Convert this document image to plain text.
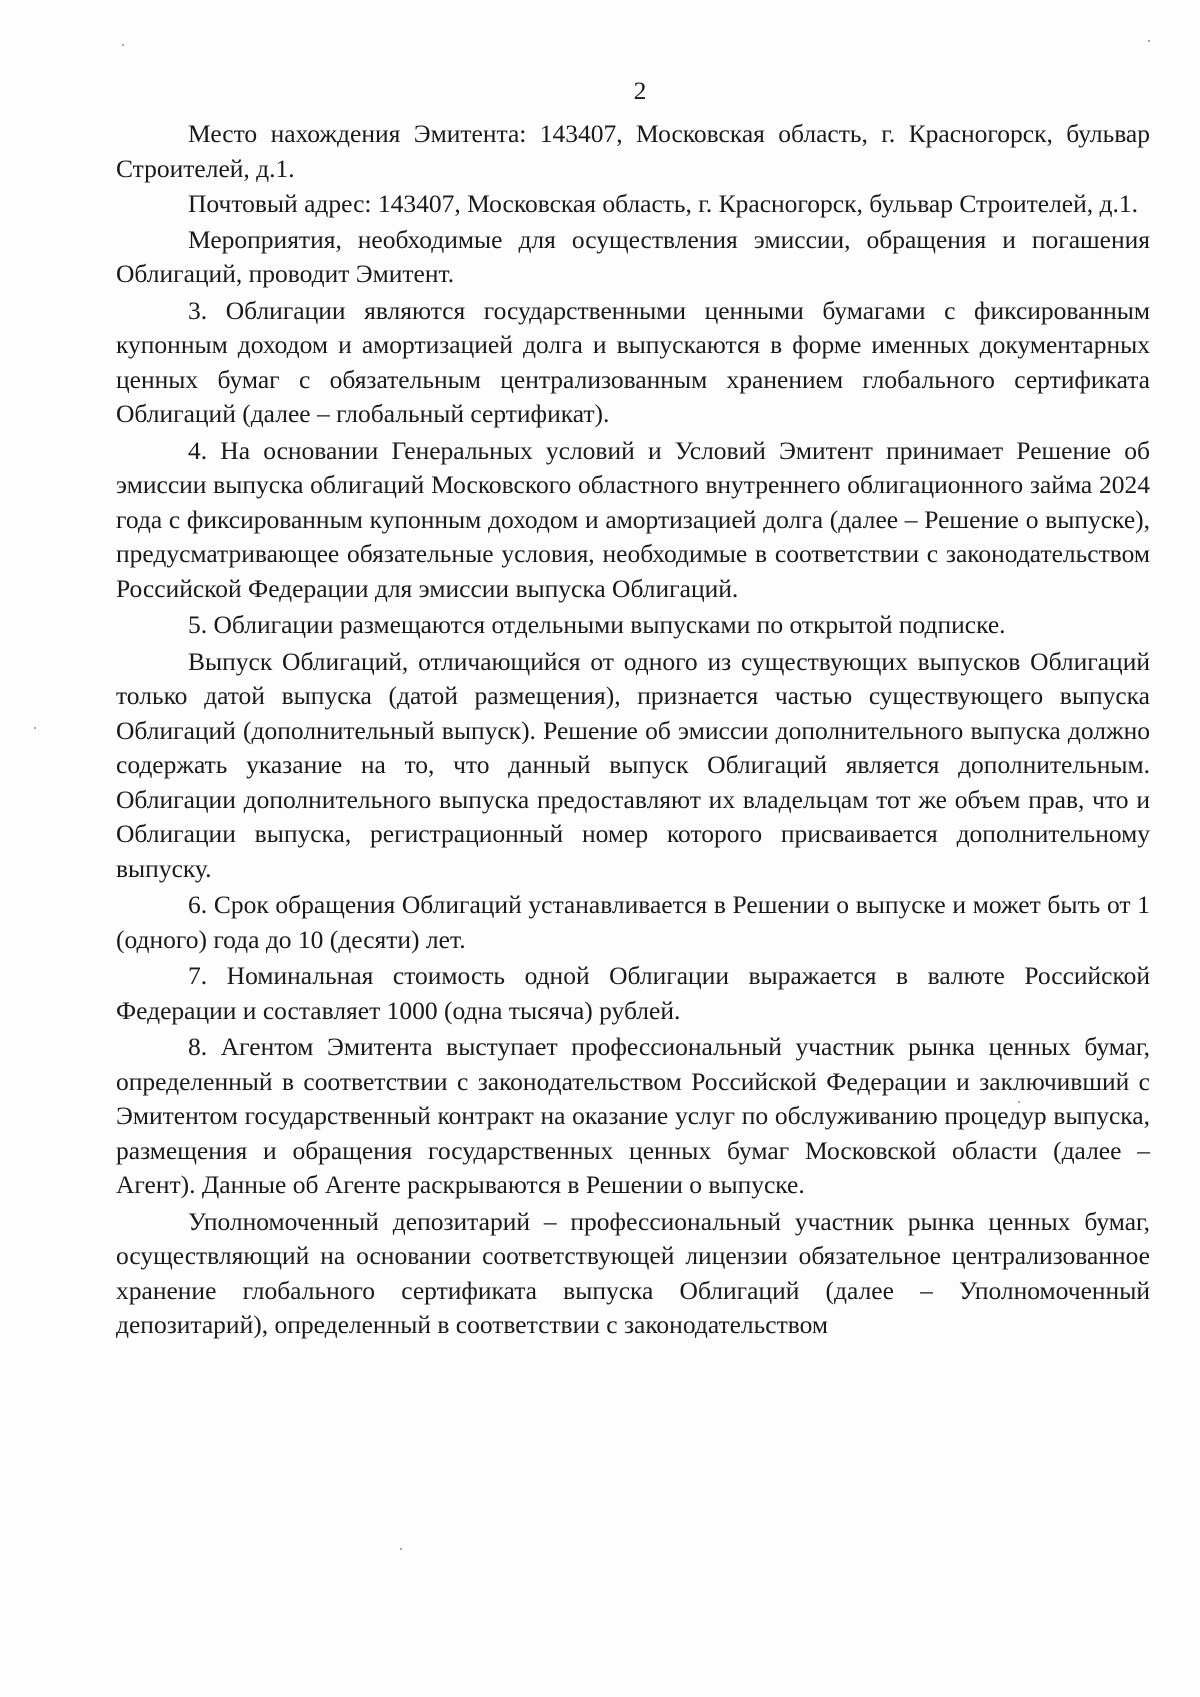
2

Место нахождения Эмитента: 143407, Московская область, г. Красногорск, бульвар Строителей, д.1.

Почтовый адрес: 143407, Московская область, г. Красногорск, бульвар Строителей, д.1.

Мероприятия, необходимые для осуществления эмиссии, обращения и погашения Облигаций, проводит Эмитент.

3. Облигации являются государственными ценными бумагами с фиксированным купонным доходом и амортизацией долга и выпускаются в форме именных документарных ценных бумаг с обязательным централизованным хранением глобального сертификата Облигаций (далее – глобальный сертификат).

4. На основании Генеральных условий и Условий Эмитент принимает Решение об эмиссии выпуска облигаций Московского областного внутреннего облигационного займа 2024 года с фиксированным купонным доходом и амортизацией долга (далее – Решение о выпуске), предусматривающее обязательные условия, необходимые в соответствии с законодательством Российской Федерации для эмиссии выпуска Облигаций.

5. Облигации размещаются отдельными выпусками по открытой подписке.

Выпуск Облигаций, отличающийся от одного из существующих выпусков Облигаций только датой выпуска (датой размещения), признается частью существующего выпуска Облигаций (дополнительный выпуск). Решение об эмиссии дополнительного выпуска должно содержать указание на то, что данный выпуск Облигаций является дополнительным. Облигации дополнительного выпуска предоставляют их владельцам тот же объем прав, что и Облигации выпуска, регистрационный номер которого присваивается дополнительному выпуску.

6. Срок обращения Облигаций устанавливается в Решении о выпуске и может быть от 1 (одного) года до 10 (десяти) лет.

7. Номинальная стоимость одной Облигации выражается в валюте Российской Федерации и составляет 1000 (одна тысяча) рублей.

8. Агентом Эмитента выступает профессиональный участник рынка ценных бумаг, определенный в соответствии с законодательством Российской Федерации и заключивший с Эмитентом государственный контракт на оказание услуг по обслуживанию процедур выпуска, размещения и обращения государственных ценных бумаг Московской области (далее – Агент). Данные об Агенте раскрываются в Решении о выпуске.

Уполномоченный депозитарий – профессиональный участник рынка ценных бумаг, осуществляющий на основании соответствующей лицензии обязательное централизованное хранение глобального сертификата выпуска Облигаций (далее – Уполномоченный депозитарий), определенный в соответствии с законодательством
